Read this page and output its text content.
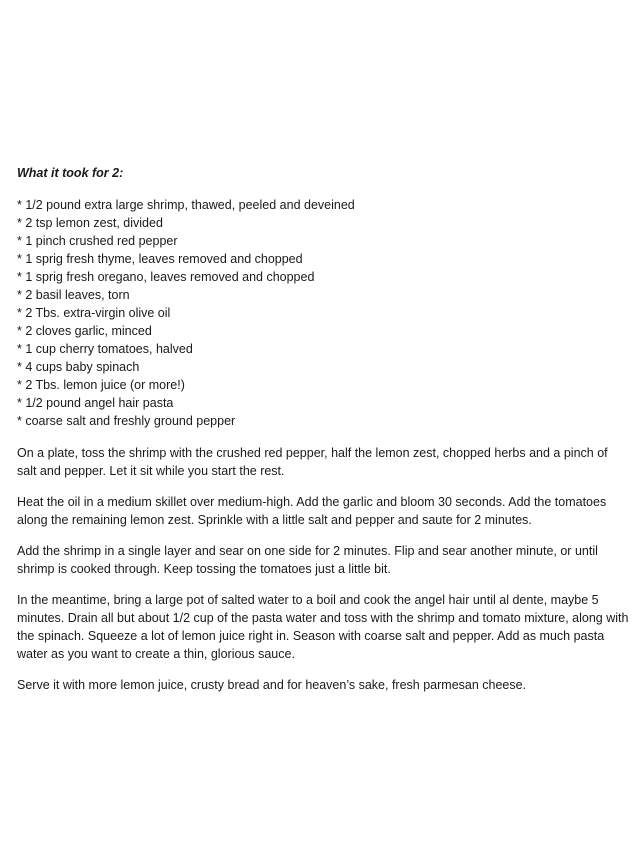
What it took for 2:

* 1/2 pound extra large shrimp, thawed, peeled and deveined
* 2 tsp lemon zest, divided
* 1 pinch crushed red pepper
* 1 sprig fresh thyme, leaves removed and chopped
* 1 sprig fresh oregano, leaves removed and chopped
* 2 basil leaves, torn
* 2 Tbs. extra-virgin olive oil
* 2 cloves garlic, minced
* 1 cup cherry tomatoes, halved
* 4 cups baby spinach
* 2 Tbs. lemon juice (or more!)
* 1/2 pound angel hair pasta
* coarse salt and freshly ground pepper

On a plate, toss the shrimp with the crushed red pepper, half the lemon zest, chopped herbs and a pinch of salt and pepper. Let it sit while you start the rest.

Heat the oil in a medium skillet over medium-high. Add the garlic and bloom 30 seconds. Add the tomatoes along the remaining lemon zest. Sprinkle with a little salt and pepper and saute for 2 minutes.

Add the shrimp in a single layer and sear on one side for 2 minutes. Flip and sear another minute, or until shrimp is cooked through. Keep tossing the tomatoes just a little bit.

In the meantime, bring a large pot of salted water to a boil and cook the angel hair until al dente, maybe 5 minutes. Drain all but about 1/2 cup of the pasta water and toss with the shrimp and tomato mixture, along with the spinach. Squeeze a lot of lemon juice right in. Season with coarse salt and pepper. Add as much pasta water as you want to create a thin, glorious sauce.

Serve it with more lemon juice, crusty bread and for heaven’s sake, fresh parmesan cheese.
